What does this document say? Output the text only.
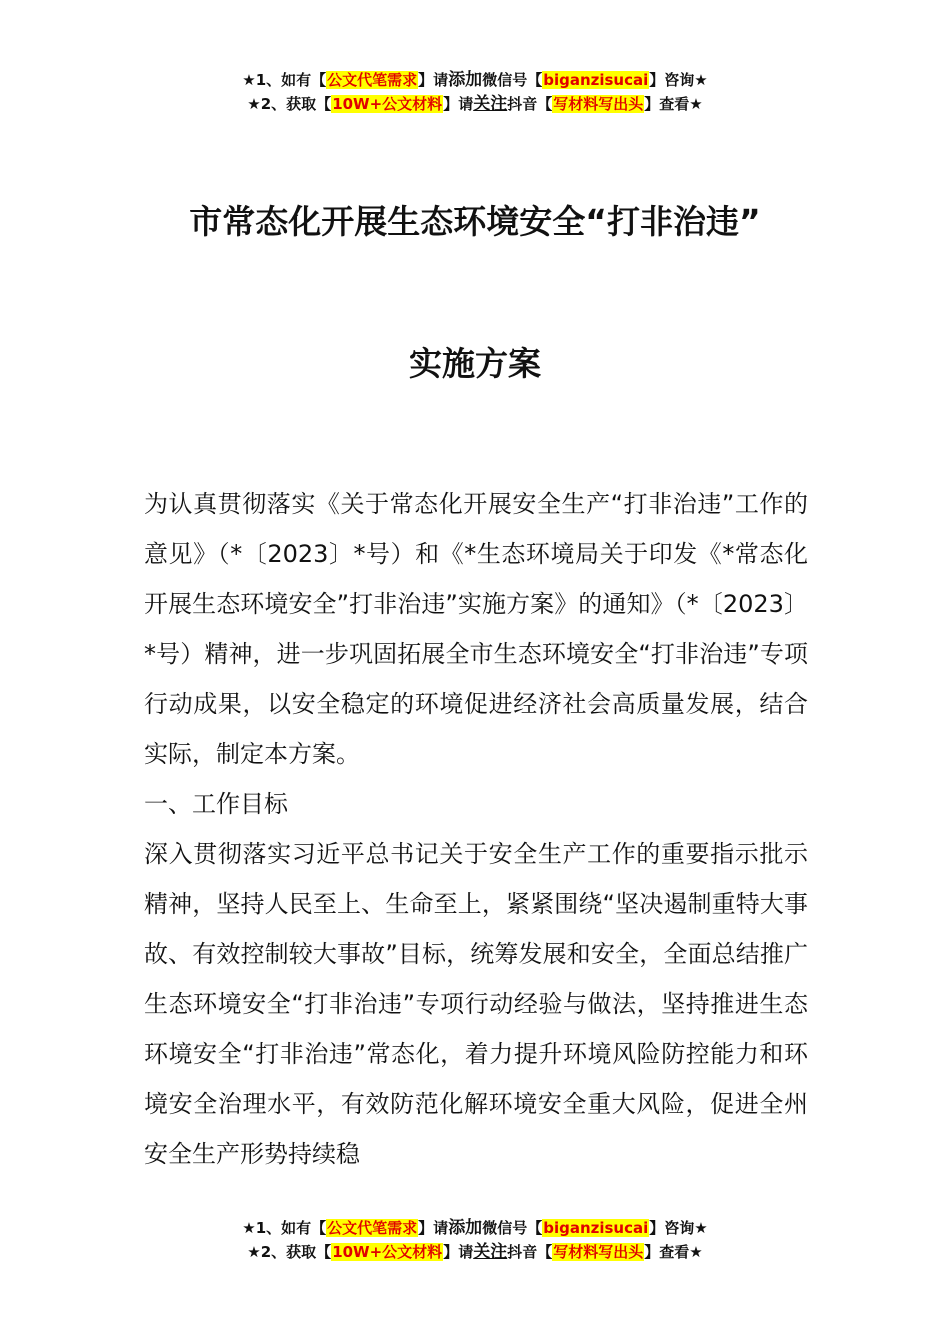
★1、如有【公文代笔需求】请添加微信号【biganzisucai】咨询★
★2、获取【10W+公文材料】请关注抖音【写材料写出头】查看★
市常态化开展生态环境安全“打非治违”
实施方案

为认真贯彻落实《关于常态化开展安全生产“打非治违”工作的意见》（*〔2023〕*号）和《*生态环境局关于印发《*常态化开展生态环境安全”打非治违”实施方案》的通知》（*〔2023〕*号）精神，进一步巩固拓展全市生态环境安全“打非治违”专项行动成果，以安全稳定的环境促进经济社会高质量发展，结合实际，制定本方案。

一、工作目标

深入贯彻落实习近平总书记关于安全生产工作的重要指示批示精神，坚持人民至上、生命至上，紧紧围绕“坚决遏制重特大事故、有效控制较大事故”目标，统筹发展和安全，全面总结推广生态环境安全“打非治违”专项行动经验与做法，坚持推进生态环境安全“打非治违”常态化，着力提升环境风险防控能力和环境安全治理水平，有效防范化解环境安全重大风险，促进全州安全生产形势持续稳

★1、如有【公文代笔需求】请添加微信号【biganzisucai】咨询★
★2、获取【10W+公文材料】请关注抖音【写材料写出头】查看★
